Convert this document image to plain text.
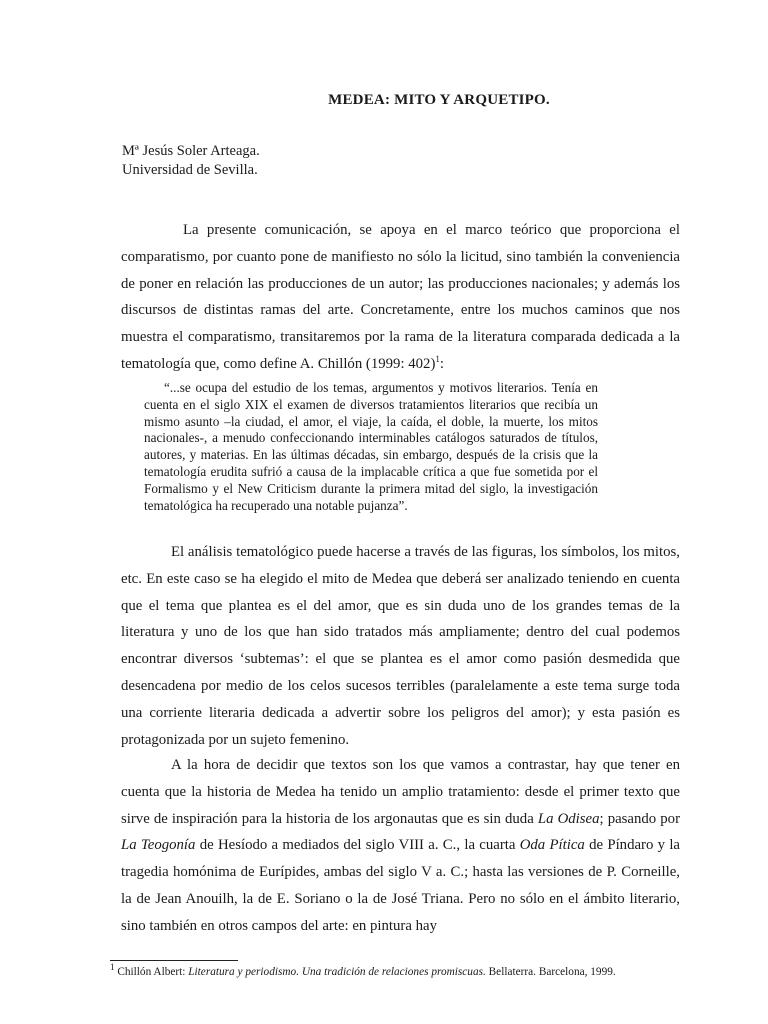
MEDEA: MITO Y ARQUETIPO.
Mª Jesús Soler Arteaga.
Universidad de Sevilla.

La presente comunicación, se apoya en el marco teórico que proporciona el comparatismo, por cuanto pone de manifiesto no sólo la licitud, sino también la conveniencia de poner en relación las producciones de un autor; las producciones nacionales; y además los discursos de distintas ramas del arte. Concretamente, entre los muchos caminos que nos muestra el comparatismo, transitaremos por la rama de la literatura comparada dedicada a la tematología que, como define A. Chillón (1999: 402)$^1$:

“...se ocupa del estudio de los temas, argumentos y motivos literarios. Tenía en cuenta en el siglo XIX el examen de diversos tratamientos literarios que recibía un mismo asunto –la ciudad, el amor, el viaje, la caída, el doble, la muerte, los mitos nacionales-, a menudo confeccionando interminables catálogos saturados de títulos, autores, y materias. En las últimas décadas, sin embargo, después de la crisis que la tematología erudita sufrió a causa de la implacable crítica a que fue sometida por el Formalismo y el New Criticism durante la primera mitad del siglo, la investigación tematológica ha recuperado una notable pujanza”.

El análisis tematológico puede hacerse a través de las figuras, los símbolos, los mitos, etc. En este caso se ha elegido el mito de Medea que deberá ser analizado teniendo en cuenta que el tema que plantea es el del amor, que es sin duda uno de los grandes temas de la literatura y uno de los que han sido tratados más ampliamente; dentro del cual podemos encontrar diversos ‘subtemas’: el que se plantea es el amor como pasión desmedida que desencadena por medio de los celos sucesos terribles (paralelamente a este tema surge toda una corriente literaria dedicada a advertir sobre los peligros del amor); y esta pasión es protagonizada por un sujeto femenino.

A la hora de decidir que textos son los que vamos a contrastar, hay que tener en cuenta que la historia de Medea ha tenido un amplio tratamiento: desde el primer texto que sirve de inspiración para la historia de los argonautas que es sin duda La Odisea; pasando por La Teogonía de Hesíodo a mediados del siglo VIII a. C., la cuarta Oda Pítica de Píndaro y la tragedia homónima de Eurípides, ambas del siglo V a. C.; hasta las versiones de P. Corneille, la de Jean Anouilh, la de E. Soriano o la de José Triana. Pero no sólo en el ámbito literario, sino también en otros campos del arte: en pintura hay

$^1$ Chillón Albert: Literatura y periodismo. Una tradición de relaciones promiscuas. Bellaterra. Barcelona, 1999.
